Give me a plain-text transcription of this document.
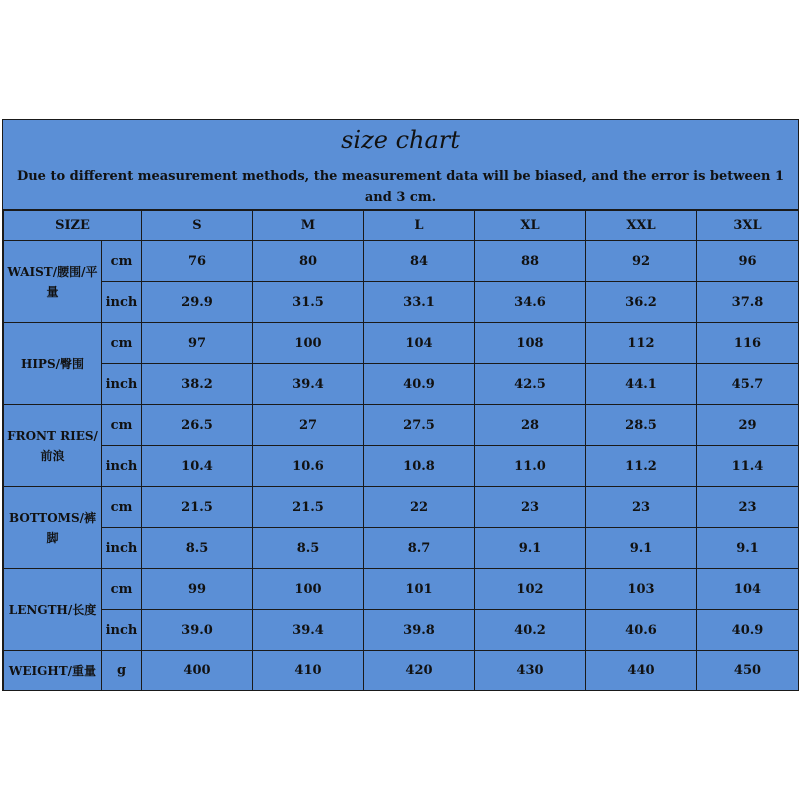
size chart
Due to different measurement methods, the measurement data will be biased, and the error is between 1 and 3 cm.
SIZE		S	M	L	XL	XXL	3XL
WAIST/腰围/平量	cm	76	80	84	88	92	96
	inch	29.9	31.5	33.1	34.6	36.2	37.8
HIPS/臀围	cm	97	100	104	108	112	116
	inch	38.2	39.4	40.9	42.5	44.1	45.7
FRONT RIES/前浪	cm	26.5	27	27.5	28	28.5	29
	inch	10.4	10.6	10.8	11.0	11.2	11.4
BOTTOMS/裤脚	cm	21.5	21.5	22	23	23	23
	inch	8.5	8.5	8.7	9.1	9.1	9.1
LENGTH/长度	cm	99	100	101	102	103	104
	inch	39.0	39.4	39.8	40.2	40.6	40.9
WEIGHT/重量	g	400	410	420	430	440	450
